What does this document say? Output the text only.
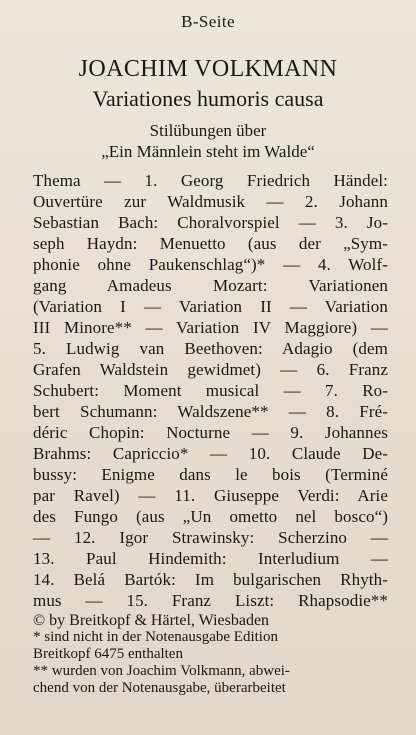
B-Seite
JOACHIM VOLKMANN
Variationes humoris causa
Stilübungen über
„Ein Männlein steht im Walde“
Thema — 1. Georg Friedrich Händel:
Ouvertüre zur Waldmusik — 2. Johann
Sebastian Bach: Choralvorspiel — 3. Jo-
seph Haydn: Menuetto (aus der „Sym-
phonie ohne Paukenschlag“)* — 4. Wolf-
gang Amadeus Mozart: Variationen
(Variation I — Variation II — Variation
III Minore** — Variation IV Maggiore) —
5. Ludwig van Beethoven: Adagio (dem
Grafen Waldstein gewidmet) — 6. Franz
Schubert: Moment musical — 7. Ro-
bert Schumann: Waldszene** — 8. Fré-
déric Chopin: Nocturne — 9. Johannes
Brahms: Capriccio* — 10. Claude De-
bussy: Enigme dans le bois (Terminé
par Ravel) — 11. Giuseppe Verdi: Arie
des Fungo (aus „Un ometto nel bosco“)
— 12. Igor Strawinsky: Scherzino —
13. Paul Hindemith: Interludium —
14. Belá Bartók: Im bulgarischen Rhyth-
mus — 15. Franz Liszt: Rhapsodie**
© by Breitkopf & Härtel, Wiesbaden
* sind nicht in der Notenausgabe Edition
Breitkopf 6475 enthalten
** wurden von Joachim Volkmann, abwei-
chend von der Notenausgabe, überarbeitet
